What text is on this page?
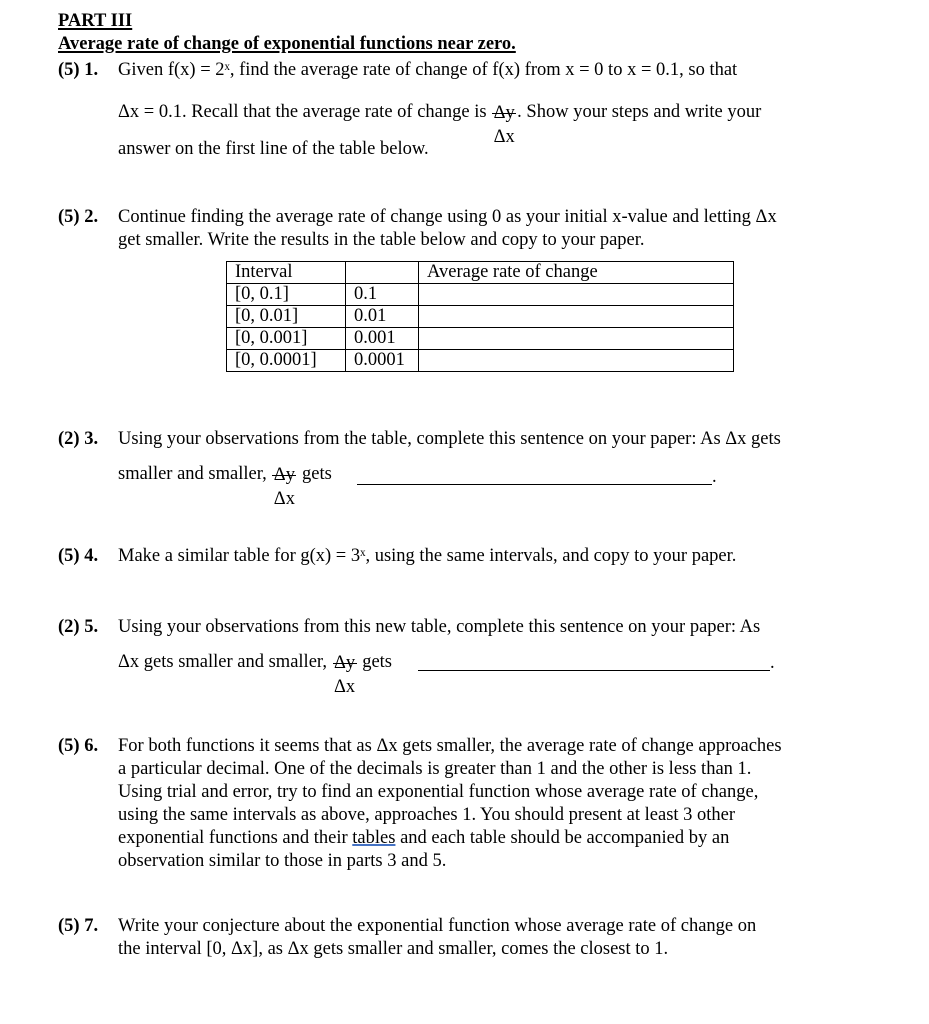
PART III
Average rate of change of exponential functions near zero.
(5) 1. Given f(x) = 2ˣ, find the average rate of change of f(x) from x = 0 to x = 0.1, so that
Δx = 0.1. Recall that the average rate of change is Δy
Δx
. Show your steps and write your
answer on the first line of the table below.
(5) 2. Continue finding the average rate of change using 0 as your initial x-value and letting Δx
get smaller. Write the results in the table below and copy to your paper.
Interval		Average rate of change
[0, 0.1]	0.1	
[0, 0.01]	0.01	
[0, 0.001]	0.001	
[0, 0.0001]	0.0001	
(2) 3. Using your observations from the table, complete this sentence on your paper: As Δx gets
smaller and smaller, Δy
Δx
gets	.
(5) 4. Make a similar table for g(x) = 3ˣ, using the same intervals, and copy to your paper.
(2) 5. Using your observations from this new table, complete this sentence on your paper: As
Δx gets smaller and smaller, Δy
Δx
gets	.
(5) 6. For both functions it seems that as Δx gets smaller, the average rate of change approaches
a particular decimal. One of the decimals is greater than 1 and the other is less than 1.
Using trial and error, try to find an exponential function whose average rate of change,
using the same intervals as above, approaches 1. You should present at least 3 other
exponential functions and their tables and each table should be accompanied by an
observation similar to those in parts 3 and 5.
(5) 7. Write your conjecture about the exponential function whose average rate of change on
the interval [0, Δx], as Δx gets smaller and smaller, comes the closest to 1.
